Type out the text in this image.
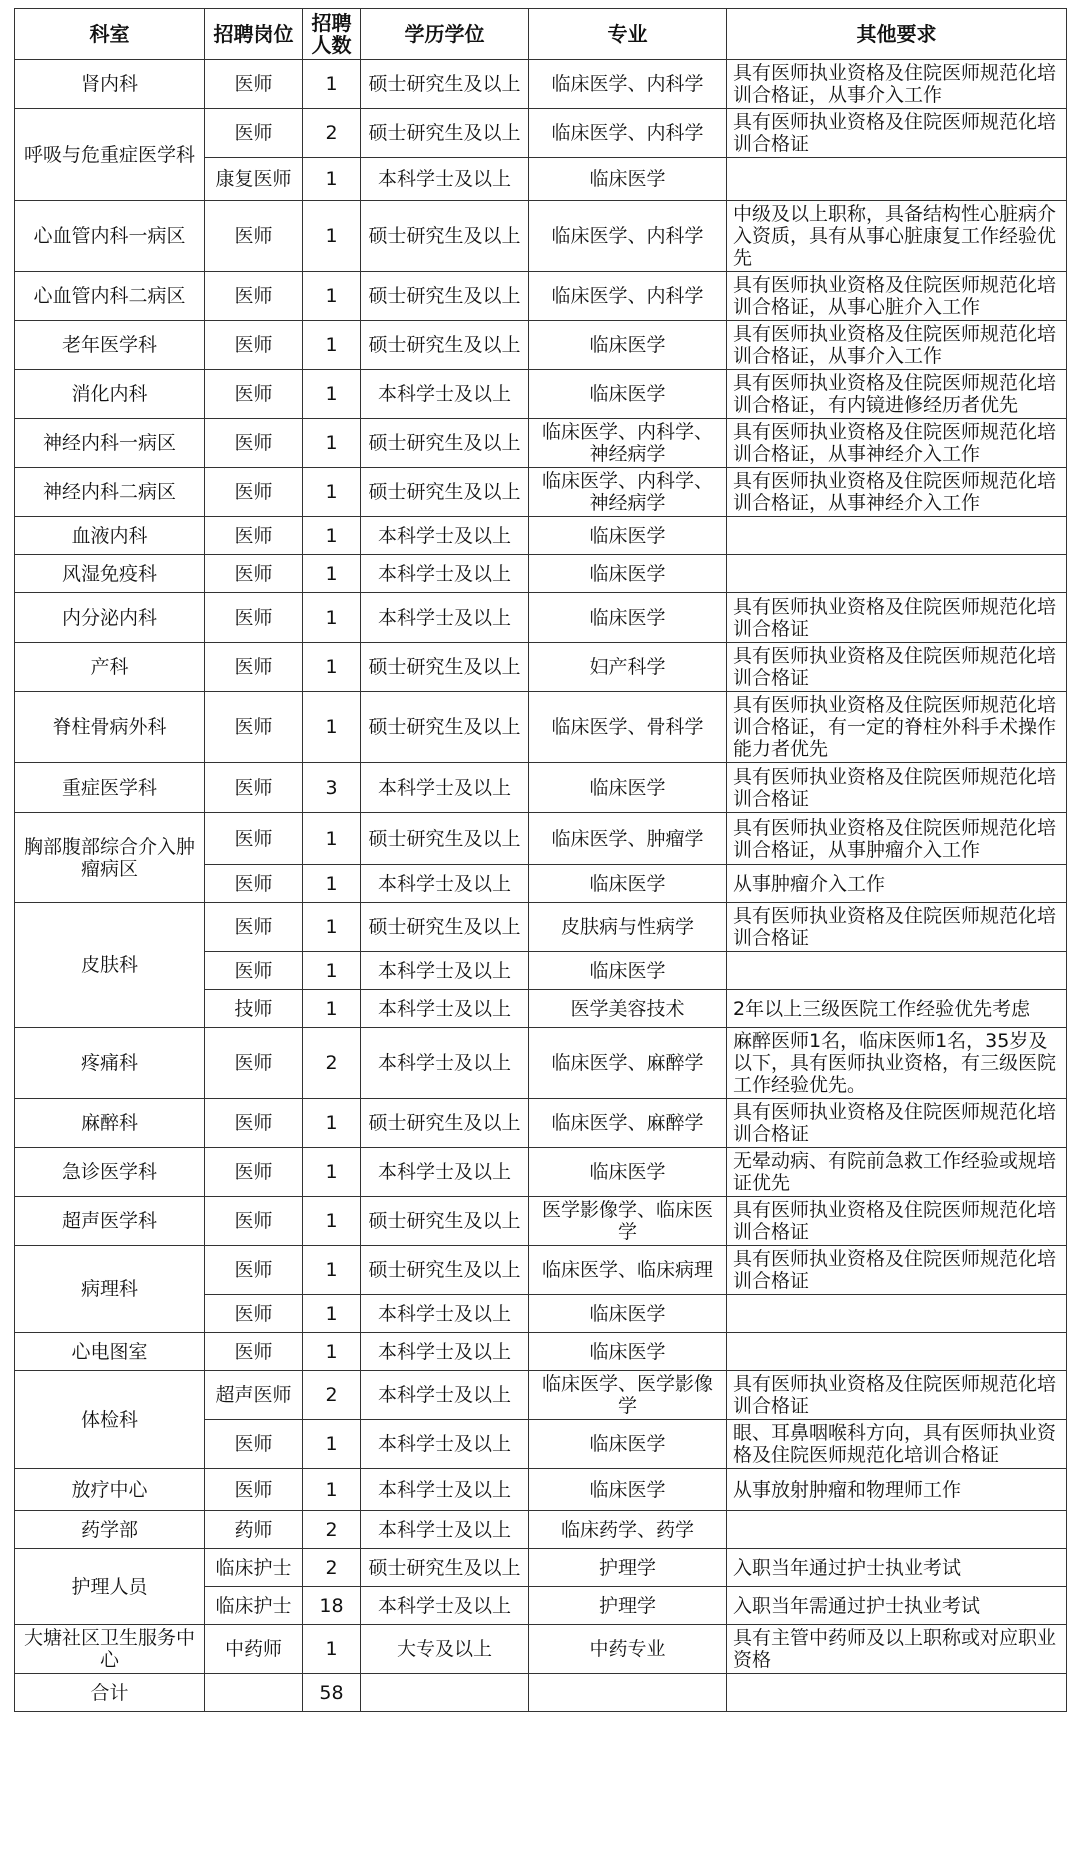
科室	招聘岗位	招聘人数	学历学位	专业	其他要求
肾内科	医师	1	硕士研究生及以上	临床医学、内科学	具有医师执业资格及住院医师规范化培训合格证，从事介入工作
呼吸与危重症医学科	医师	2	硕士研究生及以上	临床医学、内科学	具有医师执业资格及住院医师规范化培训合格证
	康复医师	1	本科学士及以上	临床医学	
心血管内科一病区	医师	1	硕士研究生及以上	临床医学、内科学	中级及以上职称，具备结构性心脏病介入资质，具有从事心脏康复工作经验优先
心血管内科二病区	医师	1	硕士研究生及以上	临床医学、内科学	具有医师执业资格及住院医师规范化培训合格证，从事心脏介入工作
老年医学科	医师	1	硕士研究生及以上	临床医学	具有医师执业资格及住院医师规范化培训合格证，从事介入工作
消化内科	医师	1	本科学士及以上	临床医学	具有医师执业资格及住院医师规范化培训合格证，有内镜进修经历者优先
神经内科一病区	医师	1	硕士研究生及以上	临床医学、内科学、神经病学	具有医师执业资格及住院医师规范化培训合格证，从事神经介入工作
神经内科二病区	医师	1	硕士研究生及以上	临床医学、内科学、神经病学	具有医师执业资格及住院医师规范化培训合格证，从事神经介入工作
血液内科	医师	1	本科学士及以上	临床医学	
风湿免疫科	医师	1	本科学士及以上	临床医学	
内分泌内科	医师	1	本科学士及以上	临床医学	具有医师执业资格及住院医师规范化培训合格证
产科	医师	1	硕士研究生及以上	妇产科学	具有医师执业资格及住院医师规范化培训合格证
脊柱骨病外科	医师	1	硕士研究生及以上	临床医学、骨科学	具有医师执业资格及住院医师规范化培训合格证，有一定的脊柱外科手术操作能力者优先
重症医学科	医师	3	本科学士及以上	临床医学	具有医师执业资格及住院医师规范化培训合格证
胸部腹部综合介入肿瘤病区	医师	1	硕士研究生及以上	临床医学、肿瘤学	具有医师执业资格及住院医师规范化培训合格证，从事肿瘤介入工作
	医师	1	本科学士及以上	临床医学	从事肿瘤介入工作
皮肤科	医师	1	硕士研究生及以上	皮肤病与性病学	具有医师执业资格及住院医师规范化培训合格证
	医师	1	本科学士及以上	临床医学	
	技师	1	本科学士及以上	医学美容技术	2年以上三级医院工作经验优先考虑
疼痛科	医师	2	本科学士及以上	临床医学、麻醉学	麻醉医师1名，临床医师1名，35岁及以下，具有医师执业资格，有三级医院工作经验优先。
麻醉科	医师	1	硕士研究生及以上	临床医学、麻醉学	具有医师执业资格及住院医师规范化培训合格证
急诊医学科	医师	1	本科学士及以上	临床医学	无晕动病、有院前急救工作经验或规培证优先
超声医学科	医师	1	硕士研究生及以上	医学影像学、临床医学	具有医师执业资格及住院医师规范化培训合格证
病理科	医师	1	硕士研究生及以上	临床医学、临床病理	具有医师执业资格及住院医师规范化培训合格证
	医师	1	本科学士及以上	临床医学	
心电图室	医师	1	本科学士及以上	临床医学	
体检科	超声医师	2	本科学士及以上	临床医学、医学影像学	具有医师执业资格及住院医师规范化培训合格证
	医师	1	本科学士及以上	临床医学	眼、耳鼻咽喉科方向，具有医师执业资格及住院医师规范化培训合格证
放疗中心	医师	1	本科学士及以上	临床医学	从事放射肿瘤和物理师工作
药学部	药师	2	本科学士及以上	临床药学、药学	
护理人员	临床护士	2	硕士研究生及以上	护理学	入职当年通过护士执业考试
	临床护士	18	本科学士及以上	护理学	入职当年需通过护士执业考试
大塘社区卫生服务中心	中药师	1	大专及以上	中药专业	具有主管中药师及以上职称或对应职业资格
合计		58			
